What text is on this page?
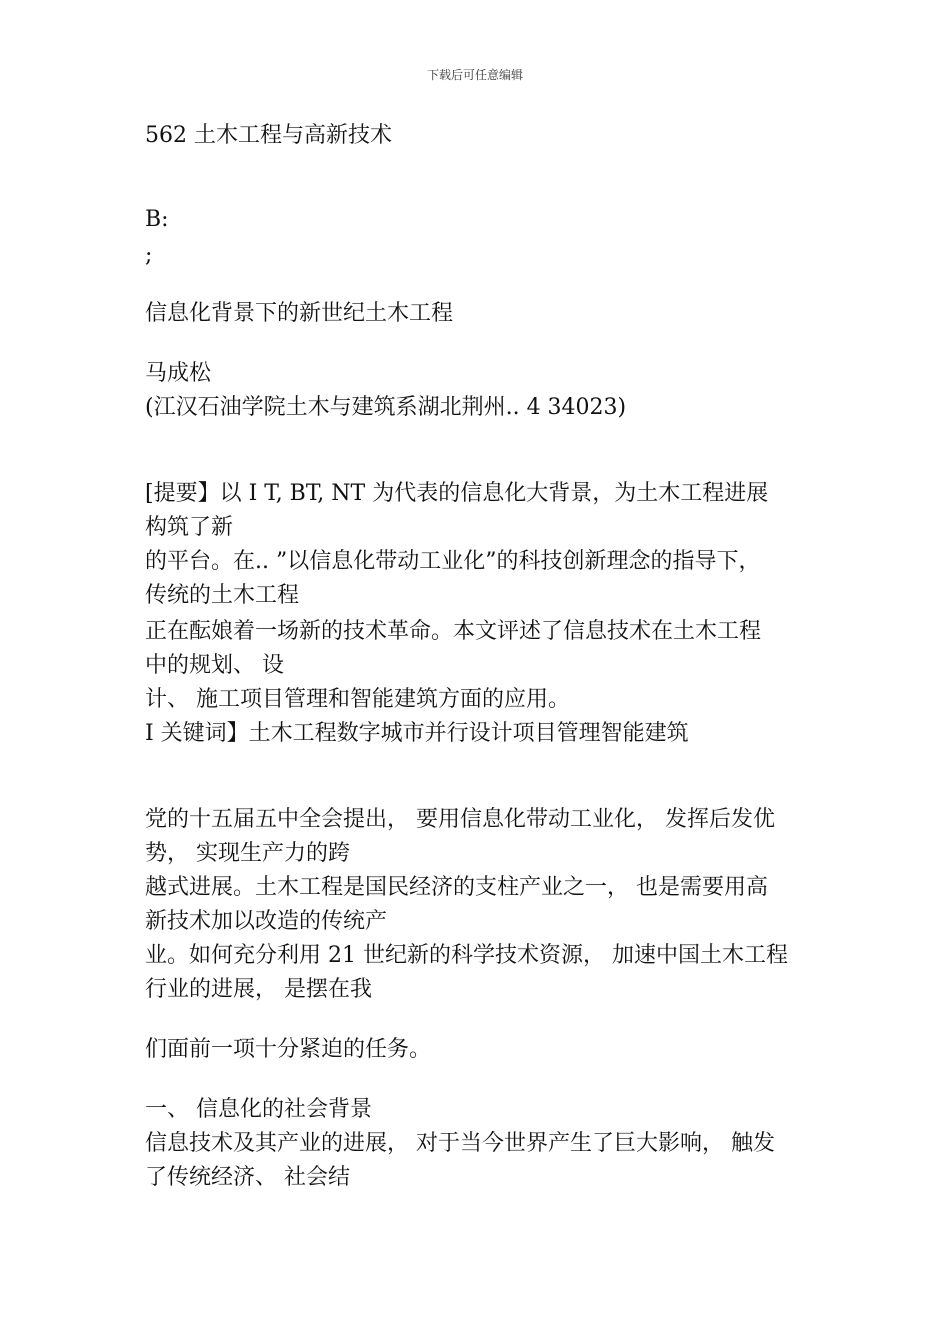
下载后可任意编辑
562 土木工程与高新技术
B:
;
信息化背景下的新世纪土木工程
马成松
(江汉石油学院土木与建筑系湖北荆州.. 4 34023)
[提要】以 I T, BT, NT 为代表的信息化大背景，为土木工程进展
构筑了新
的平台。在.. ”以信息化带动工业化”的科技创新理念的指导下，
传统的土木工程
正在酝娘着一场新的技术革命。本文评述了信息技术在土木工程
中的规划、 设
计、 施工项目管理和智能建筑方面的应用。
I 关键词】土木工程数字城市并行设计项目管理智能建筑
党的十五届五中全会提出， 要用信息化带动工业化， 发挥后发优
势， 实现生产力的跨
越式进展。土木工程是国民经济的支柱产业之一， 也是需要用高
新技术加以改造的传统产
业。如何充分利用 21 世纪新的科学技术资源， 加速中国土木工程
行业的进展， 是摆在我
们面前一项十分紧迫的任务。
一、 信息化的社会背景
信息技术及其产业的进展， 对于当今世界产生了巨大影响， 触发
了传统经济、 社会结
